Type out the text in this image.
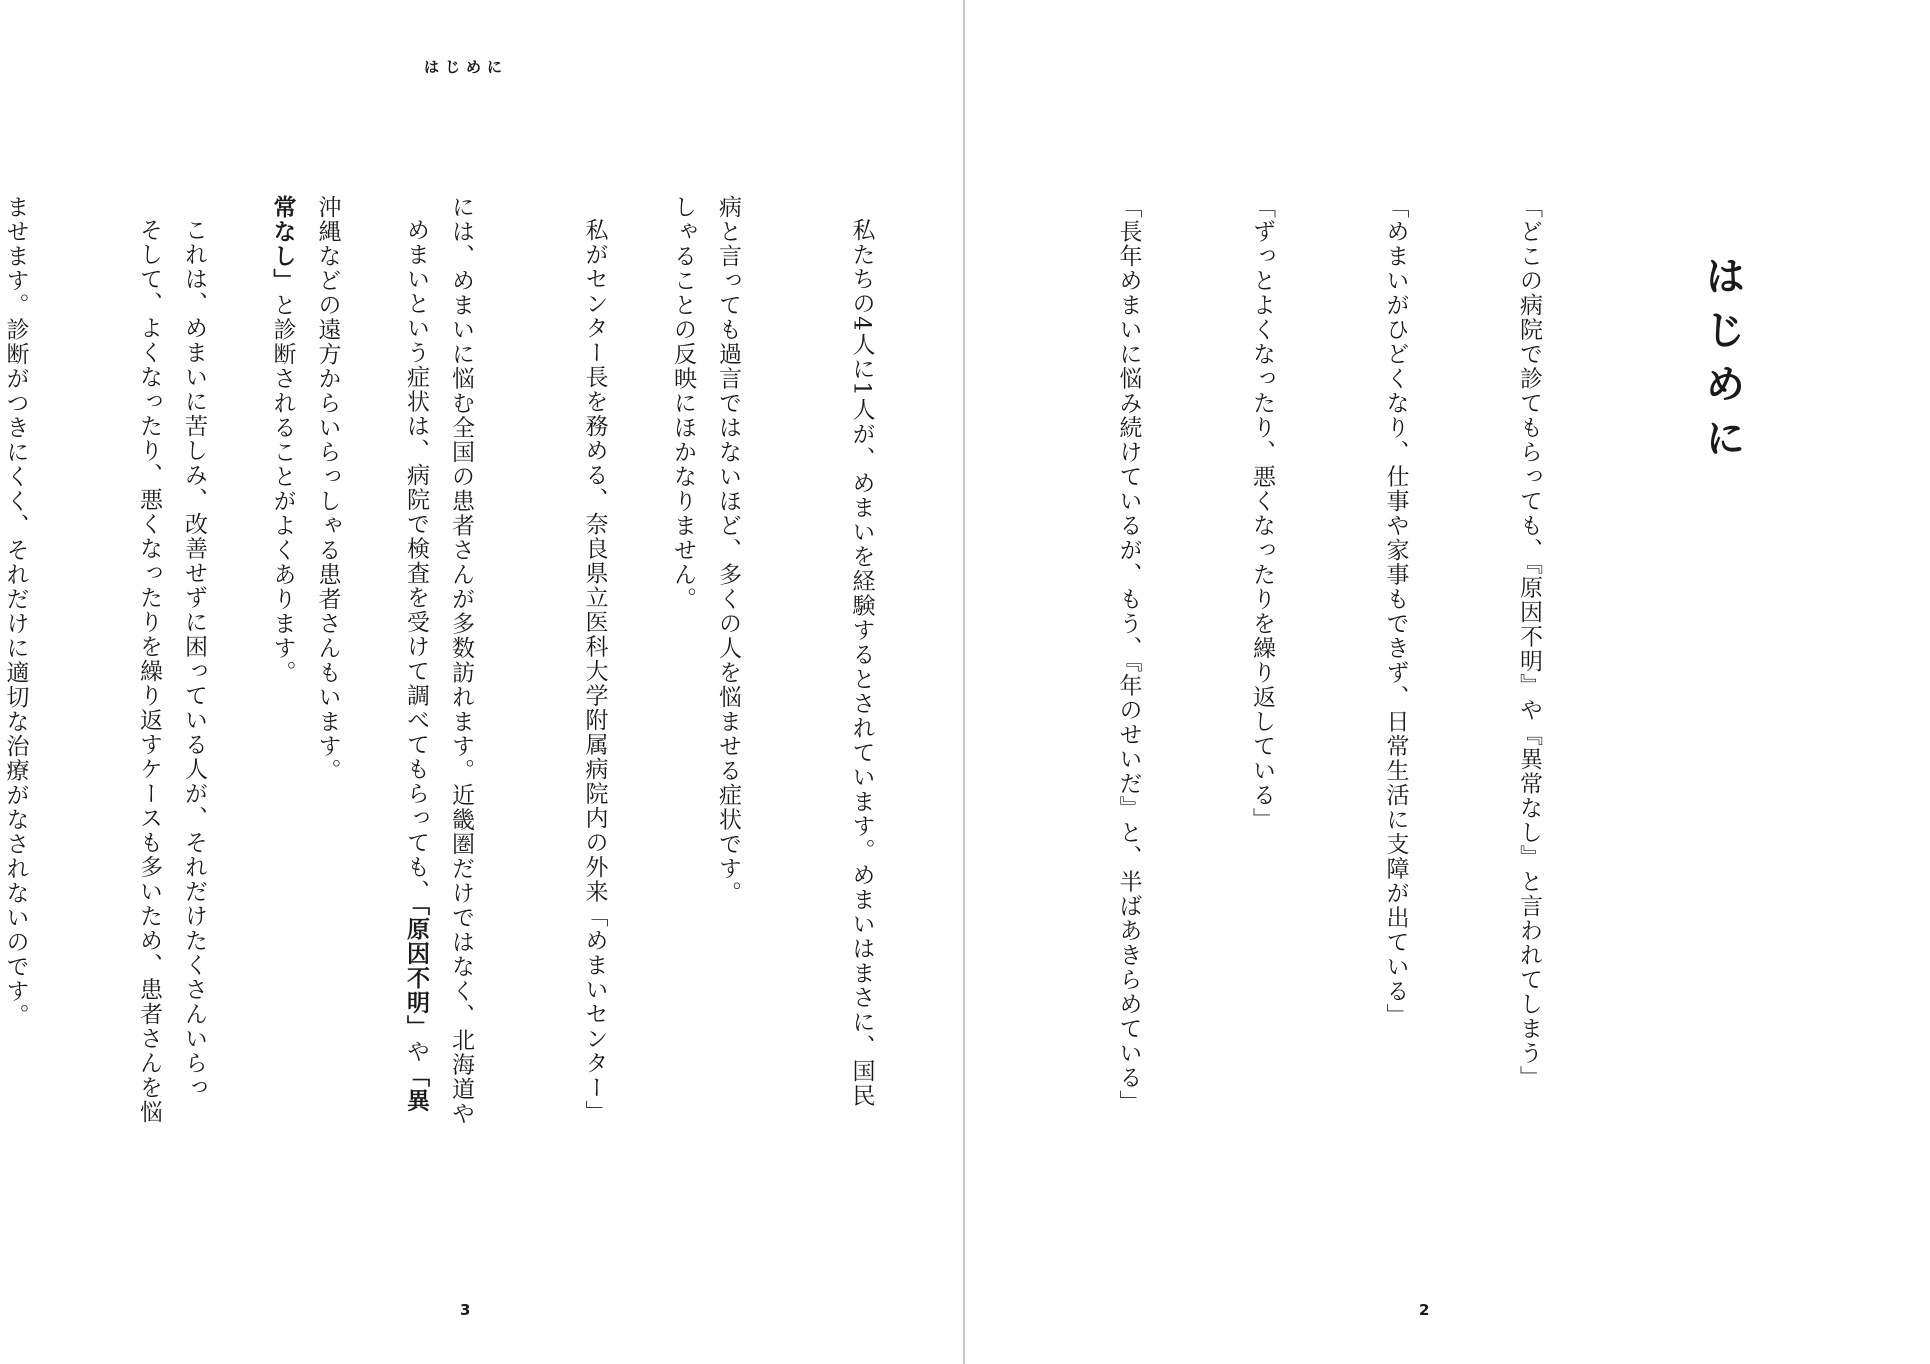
はじめに

しゃることの反映にほかなりません。

めまいという症状は、病院で検査を受けて調べてもらっても、「原因不明」や「異

常なし」と診断されることがよくあります。

そして、よくなったり、悪くなったりを繰り返すケースも多いため、患者さんを悩

ませます。診断がつきにくく、それだけに適切な治療がなされないのです。

3
はじめに

「どこの病院で診てもらっても、『原因不明』や『異常なし』と言われてしまう」

「めまいがひどくなり、仕事や家事もできず、日常生活に支障が出ている」

「ずっとよくなったり、悪くなったりを繰り返している」

「長年めまいに悩み続けているが、もう、『年のせいだ』と、半ばあきらめている」

私たちの4人に1人が、めまいを経験するとされています。めまいはまさに、国民

病と言っても過言ではないほど、多くの人を悩ませる症状です。

私がセンター長を務める、奈良県立医科大学附属病院内の外来「めまいセンター」

には、めまいに悩む全国の患者さんが多数訪れます。近畿圏だけではなく、北海道や

沖縄などの遠方からいらっしゃる患者さんもいます。

これは、めまいに苦しみ、改善せずに困っている人が、それだけたくさんいらっ

2
